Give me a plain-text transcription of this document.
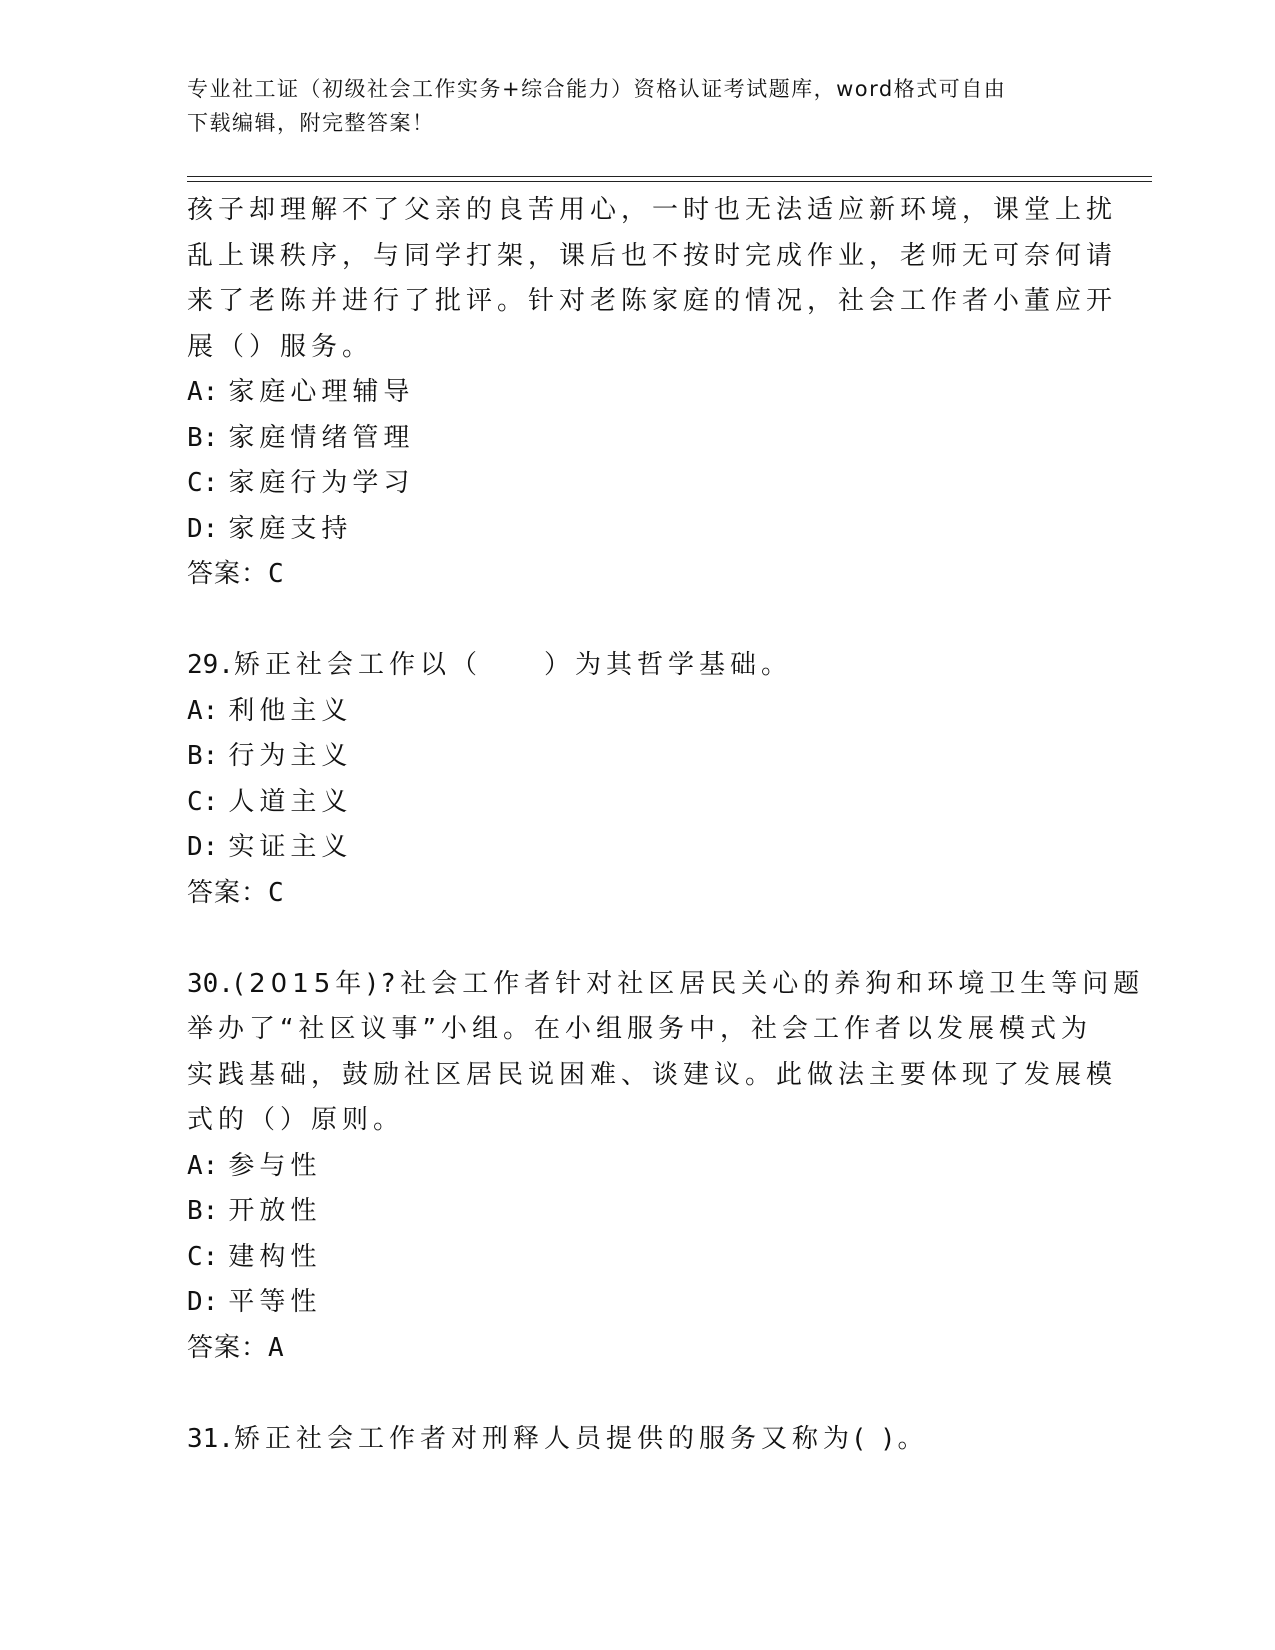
专业社工证（初级社会工作实务+综合能力）资格认证考试题库，word格式可自由
下载编辑，附完整答案！
孩子却理解不了父亲的良苦用心，一时也无法适应新环境，课堂上扰
乱上课秩序，与同学打架，课后也不按时完成作业，老师无可奈何请
来了老陈并进行了批评。针对老陈家庭的情况，社会工作者小董应开
展（）服务。
A: 家庭心理辅导
B: 家庭情绪管理
C: 家庭行为学习
D: 家庭支持
答案：C
29.矫正社会工作以（　　）为其哲学基础。
A: 利他主义
B: 行为主义
C: 人道主义
D: 实证主义
答案：C
30.(2015年)?社会工作者针对社区居民关心的养狗和环境卫生等问题
举办了“社区议事”小组。在小组服务中，社会工作者以发展模式为
实践基础，鼓励社区居民说困难、谈建议。此做法主要体现了发展模
式的（）原则。
A: 参与性
B: 开放性
C: 建构性
D: 平等性
答案：A
31.矫正社会工作者对刑释人员提供的服务又称为( )。
